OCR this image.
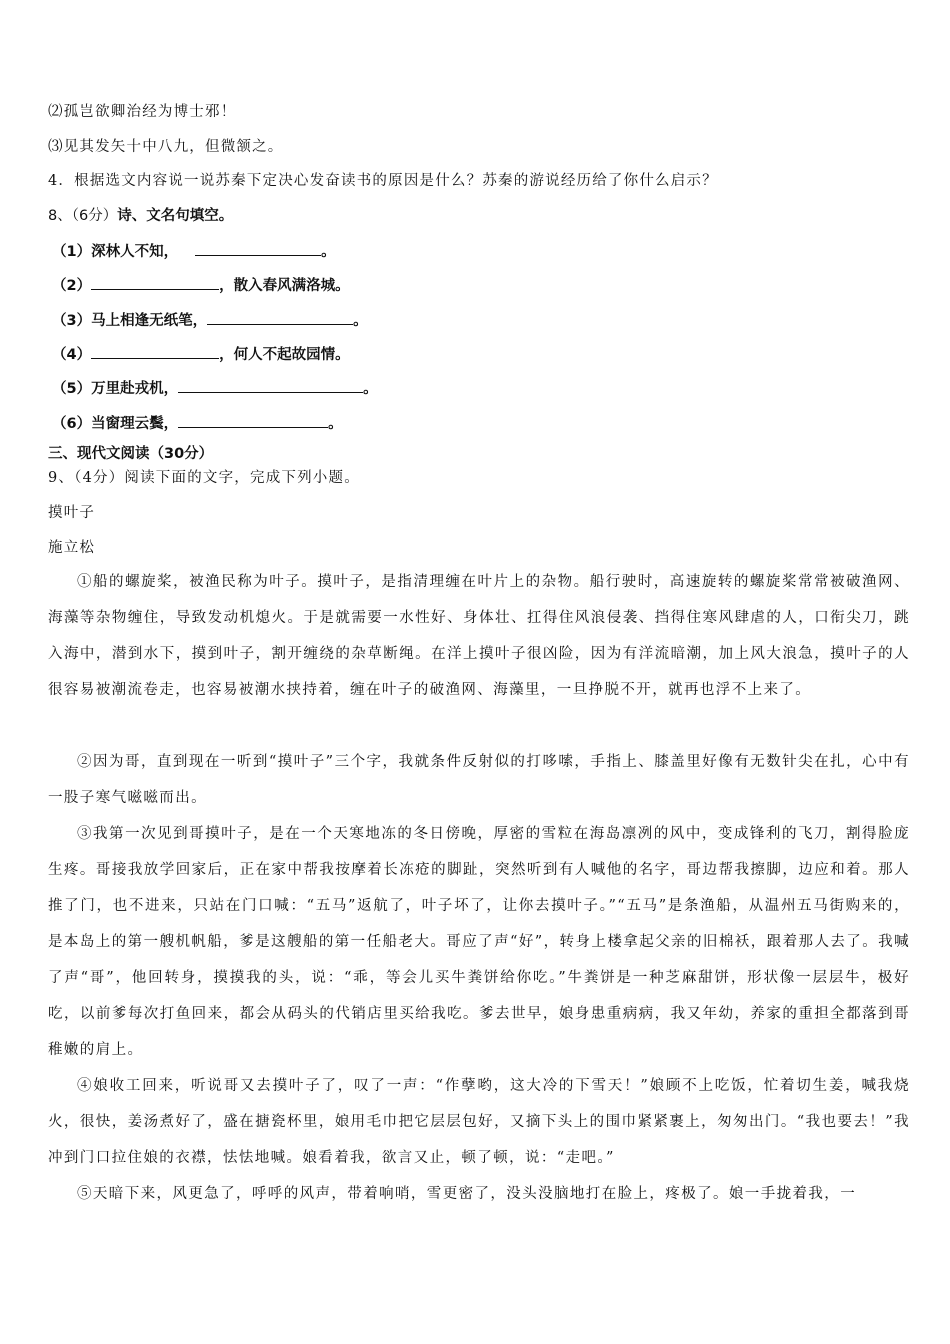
⑵孤岂欲卿治经为博士邪！
⑶见其发矢十中八九，但微颔之。
4．根据选文内容说一说苏秦下定决心发奋读书的原因是什么？苏秦的游说经历给了你什么启示？
8、（6分）诗、文名句填空。
（1）深林人不知，	。
（2）	，散入春风满洛城。
（3）马上相逢无纸笔，	。
（4）	，何人不起故园情。
（5）万里赴戎机，	。
（6）当窗理云鬓，	。
三、现代文阅读（30分）
9、（4分）阅读下面的文字，完成下列小题。
摸叶子
施立松
①船的螺旋桨，被渔民称为叶子。摸叶子，是指清理缠在叶片上的杂物。船行驶时，高速旋转的螺旋桨常常被破渔网、海藻等杂物缠住，导致发动机熄火。于是就需要一水性好、身体壮、扛得住风浪侵袭、挡得住寒风肆虐的人，口衔尖刀，跳入海中，潜到水下，摸到叶子，割开缠绕的杂草断绳。在洋上摸叶子很凶险，因为有洋流暗潮，加上风大浪急，摸叶子的人很容易被潮流卷走，也容易被潮水挟持着，缠在叶子的破渔网、海藻里，一旦挣脱不开，就再也浮不上来了。
②因为哥，直到现在一听到“摸叶子”三个字，我就条件反射似的打哆嗦，手指上、膝盖里好像有无数针尖在扎，心中有一股子寒气嗞嗞而出。
③我第一次见到哥摸叶子，是在一个天寒地冻的冬日傍晚，厚密的雪粒在海岛凛冽的风中，变成锋利的飞刀，割得脸庞生疼。哥接我放学回家后，正在家中帮我按摩着长冻疮的脚趾，突然听到有人喊他的名字，哥边帮我擦脚，边应和着。那人推了门，也不进来，只站在门口喊：“五马”返航了，叶子坏了，让你去摸叶子。”“五马”是条渔船，从温州五马街购来的，是本岛上的第一艘机帆船，爹是这艘船的第一任船老大。哥应了声“好”，转身上楼拿起父亲的旧棉袄，跟着那人去了。我喊了声“哥”，他回转身，摸摸我的头，说：“乖，等会儿买牛粪饼给你吃。”牛粪饼是一种芝麻甜饼，形状像一层层牛，极好吃，以前爹每次打鱼回来，都会从码头的代销店里买给我吃。爹去世早，娘身患重病病，我又年幼，养家的重担全都落到哥稚嫩的肩上。
④娘收工回来，听说哥又去摸叶子了，叹了一声：“作孽哟，这大冷的下雪天！”娘顾不上吃饭，忙着切生姜，喊我烧火，很快，姜汤煮好了，盛在搪瓷杯里，娘用毛巾把它层层包好，又摘下头上的围巾紧紧裹上，匆匆出门。“我也要去！”我冲到门口拉住娘的衣襟，怯怯地喊。娘看着我，欲言又止，顿了顿，说：“走吧。”
⑤天暗下来，风更急了，呼呼的风声，带着响哨，雪更密了，没头没脑地打在脸上，疼极了。娘一手拢着我，一
